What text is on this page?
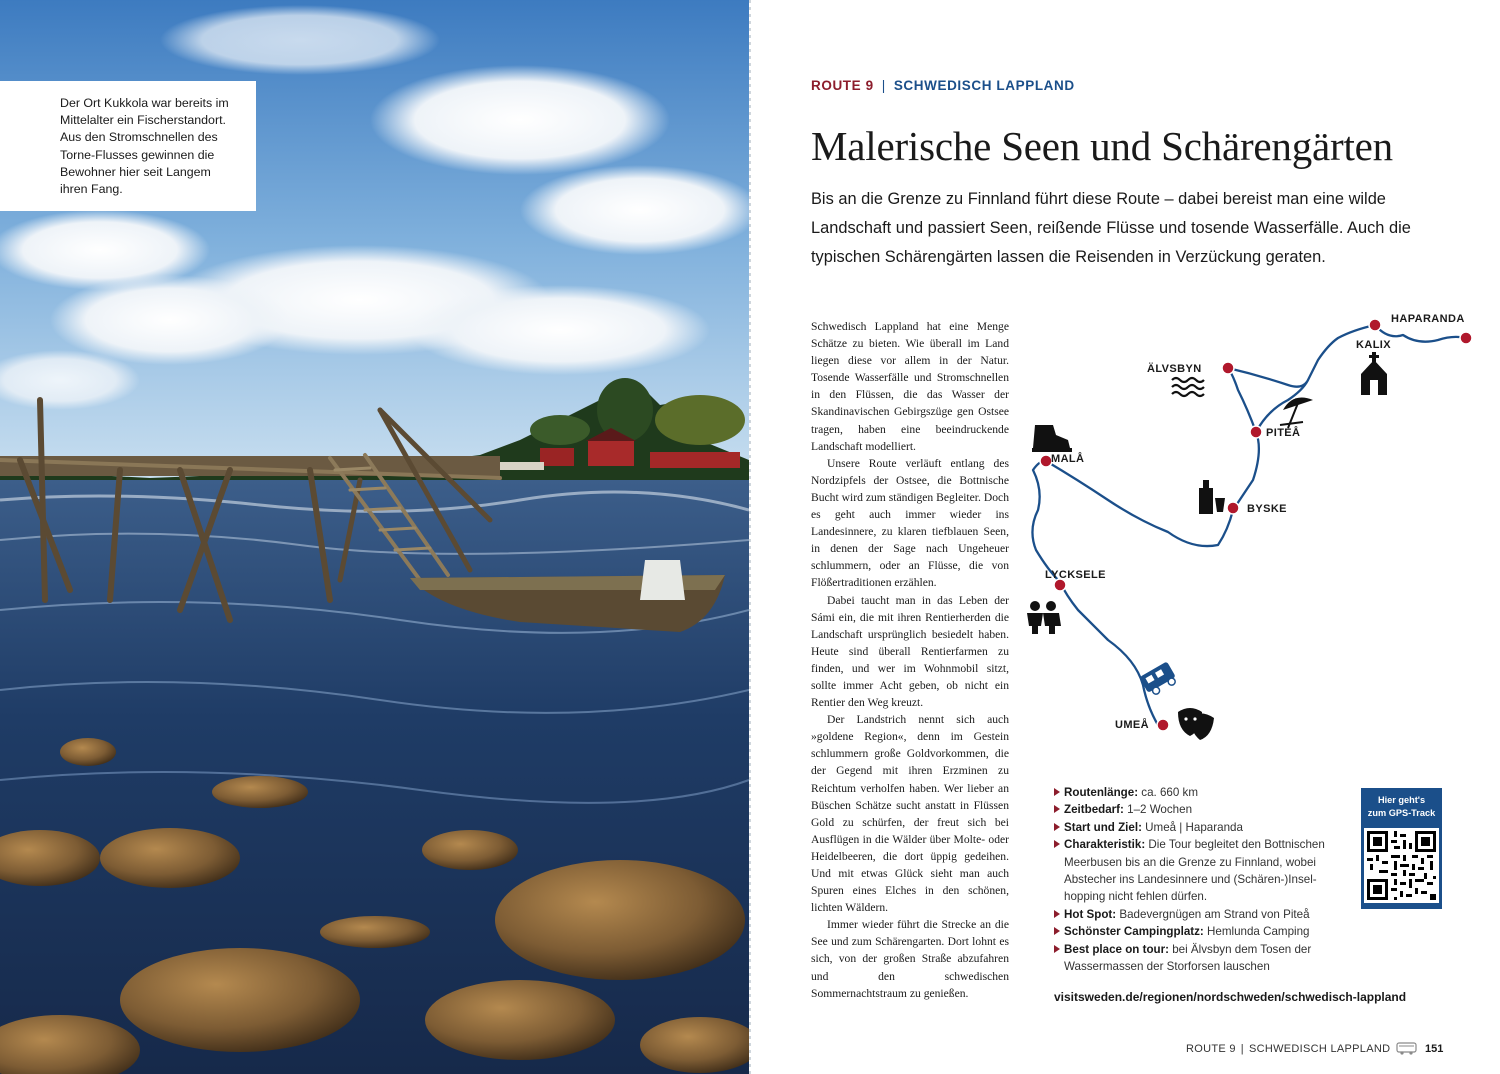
Der Ort Kukkola war bereits im Mittelalter ein Fischerstandort. Aus den Stromschnellen des Torne-Flusses gewinnen die Bewohner hier seit Langem ihren Fang.
ROUTE 9 | SCHWEDISCH LAPPLAND
Malerische Seen und Schärengärten

Bis an die Grenze zu Finnland führt diese Route – dabei bereist man eine wilde Landschaft und passiert Seen, reißende Flüsse und tosende Wasserfälle. Auch die typischen Schärengärten lassen die Reisenden in Verzückung geraten.

Schwedisch Lappland hat eine Menge Schätze zu bieten. Wie überall im Land liegen diese vor allem in der Natur. Tosende Wasserfälle und Stromschnellen in den Flüssen, die das Wasser der Skandinavischen Gebirgszüge gen Ostsee tragen, haben eine beeindruckende Landschaft modelliert.

Unsere Route verläuft entlang des Nordzipfels der Ostsee, die Bottnische Bucht wird zum ständigen Begleiter. Doch es geht auch immer wieder ins Landesinnere, zu klaren tiefblauen Seen, in denen der Sage nach Ungeheuer schlummern, oder an Flüsse, die von Flößertraditionen erzählen.

Dabei taucht man in das Leben der Sámi ein, die mit ihren Rentierherden die Landschaft ursprünglich besiedelt haben. Heute sind überall Rentierfarmen zu finden, und wer im Wohnmobil sitzt, sollte immer Acht geben, ob nicht ein Rentier den Weg kreuzt.

Der Landstrich nennt sich auch »goldene Region«, denn im Gestein schlummern große Goldvorkommen, die der Gegend mit ihren Erzminen zu Reichtum verholfen haben. Wer lieber an Büschen Schätze sucht anstatt in Flüssen Gold zu schürfen, der freut sich bei Ausflügen in die Wälder über Molte- oder Heidelbeeren, die dort üppig gedeihen. Und mit etwas Glück sieht man auch Spuren eines Elches in den schönen, lichten Wäldern.

Immer wieder führt die Strecke an die See und zum Schärengarten. Dort lohnt es sich, von der großen Straße abzufahren und den schwedischen Sommernachtstraum zu genießen.

HAPARANDA
KALIX
ÄLVSBYN
PITEÅ
MALÅ
BYSKE
LYCKSELE
UMEÅ
Routenlänge: ca. 660 km
Zeitbedarf: 1–2 Wochen
Start und Ziel: Umeå | Haparanda
Charakteristik: Die Tour begleitet den Bottnischen Meerbusen bis an die Grenze zu Finnland, wobei Abstecher ins Landesinnere und (Schären-)Inselhopping nicht fehlen dürfen.
Hot Spot: Badevergnügen am Strand von Piteå
Schönster Campingplatz: Hemlunda Camping
Best place on tour: bei Älvsbyn dem Tosen der Wassermassen der Storforsen lauschen
visitsweden.de/regionen/nordschweden/schwedisch-lappland
Hier geht's
zum GPS-Track
ROUTE 9 | SCHWEDISCH LAPPLAND	151
